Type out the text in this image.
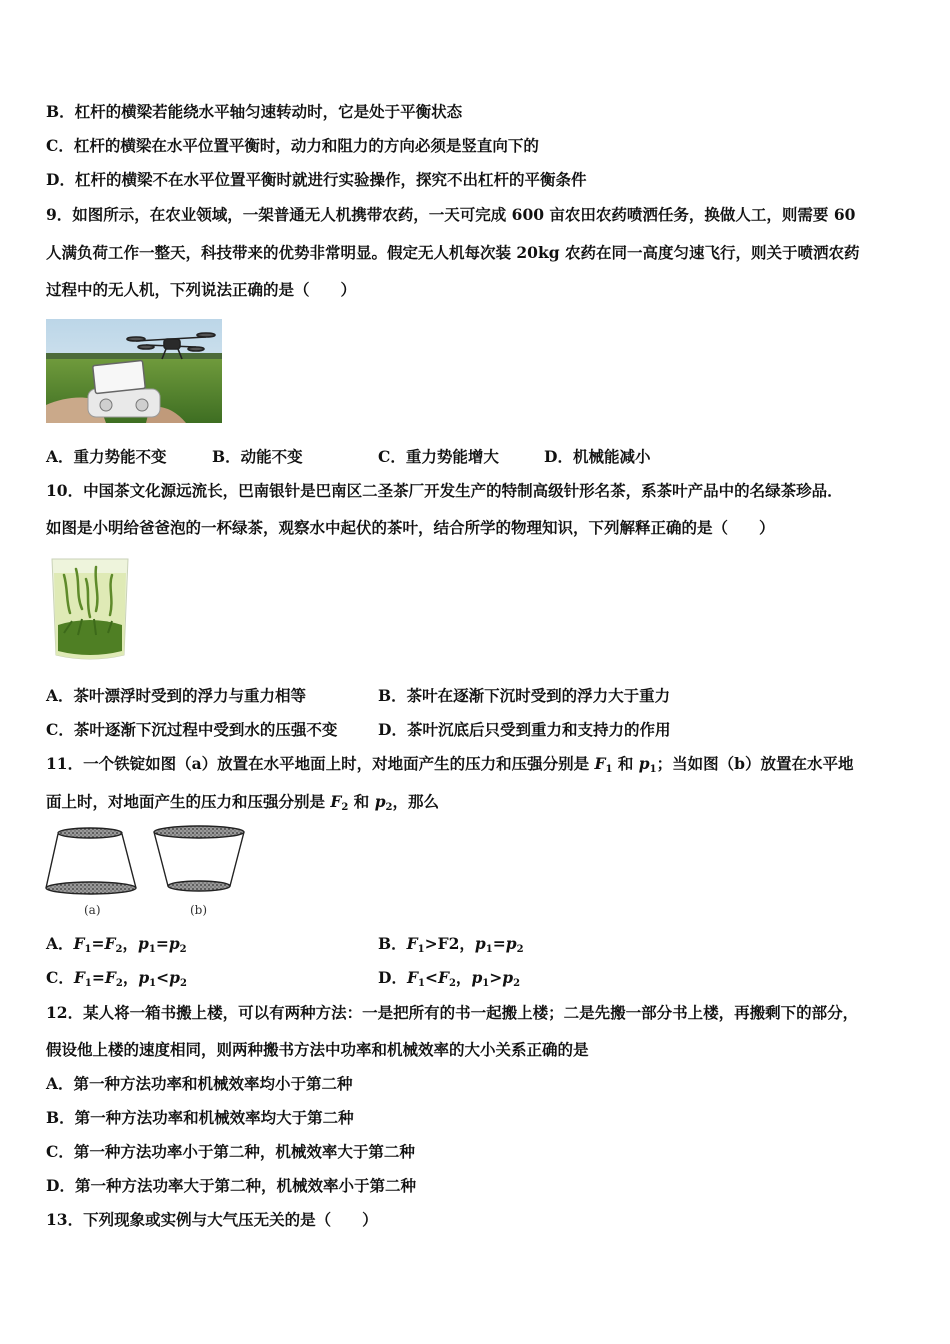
B．杠杆的横梁若能绕水平轴匀速转动时，它是处于平衡状态
C．杠杆的横梁在水平位置平衡时，动力和阻力的方向必须是竖直向下的
D．杠杆的横梁不在水平位置平衡时就进行实验操作，探究不出杠杆的平衡条件
9．如图所示，在农业领域，一架普通无人机携带农药，一天可完成 600 亩农田农药喷洒任务，换做人工，则需要 60
人满负荷工作一整天，科技带来的优势非常明显。假定无人机每次装 20kg 农药在同一高度匀速飞行，则关于喷洒农药
过程中的无人机，下列说法正确的是（　　）
A．重力势能不变	B．动能不变	C．重力势能增大	D．机械能减小
10．中国茶文化源远流长，巴南银针是巴南区二圣茶厂开发生产的特制高级针形名茶，系茶叶产品中的名绿茶珍品．
如图是小明给爸爸泡的一杯绿茶，观察水中起伏的茶叶，结合所学的物理知识，下列解释正确的是（　　）
A．茶叶漂浮时受到的浮力与重力相等	B．茶叶在逐渐下沉时受到的浮力大于重力
C．茶叶逐渐下沉过程中受到水的压强不变	D．茶叶沉底后只受到重力和支持力的作用
11．一个铁锭如图（a）放置在水平地面上时，对地面产生的压力和压强分别是 $F_1$ 和 $p_1$；当如图（b）放置在水平地
面上时，对地面产生的压力和压强分别是 $F_2$ 和 $p_2$，那么
(a)	(b)
A．$F_1=F_2$，$p_1=p_2$	B．$F_1>F2$，$p_1=p_2$
C．$F_1=F_2$，$p_1<p_2$	D．$F_1<F_2$，$p_1>p_2$
12．某人将一箱书搬上楼，可以有两种方法：一是把所有的书一起搬上楼；二是先搬一部分书上楼，再搬剩下的部分，
假设他上楼的速度相同，则两种搬书方法中功率和机械效率的大小关系正确的是
A．第一种方法功率和机械效率均小于第二种
B．第一种方法功率和机械效率均大于第二种
C．第一种方法功率小于第二种，机械效率大于第二种
D．第一种方法功率大于第二种，机械效率小于第二种
13．下列现象或实例与大气压无关的是（　　）
